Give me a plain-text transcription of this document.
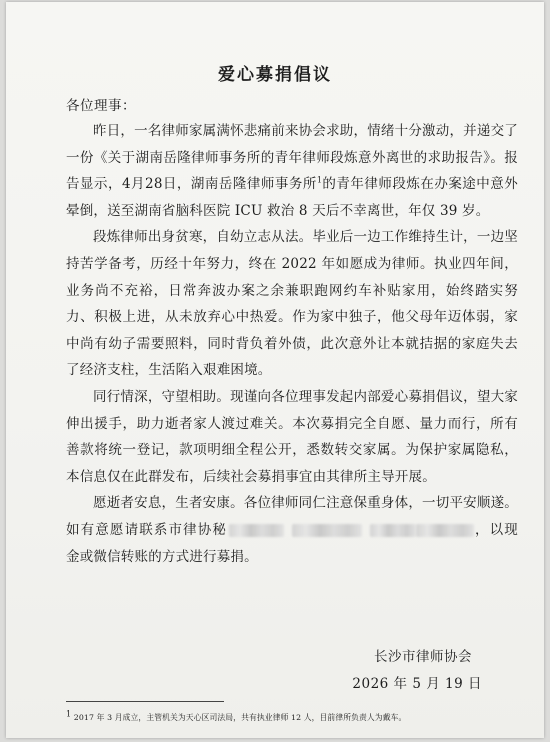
爱心募捐倡议
各位理事：

昨日，一名律师家属满怀悲痛前来协会求助，情绪十分激动，并递交了一份《关于湖南岳隆律师事务所的青年律师段炼意外离世的求助报告》。报告显示，4月28日，湖南岳隆律师事务所$^1$的青年律师段炼在办案途中意外晕倒，送至湖南省脑科医院 ICU 救治 8 天后不幸离世，年仅 39 岁。

段炼律师出身贫寒，自幼立志从法。毕业后一边工作维持生计，一边坚持苦学备考，历经十年努力，终在 2022 年如愿成为律师。执业四年间，业务尚不充裕，日常奔波办案之余兼职跑网约车补贴家用，始终踏实努力、积极上进，从未放弃心中热爱。作为家中独子，他父母年迈体弱，家中尚有幼子需要照料，同时背负着外债，此次意外让本就拮据的家庭失去了经济支柱，生活陷入艰难困境。

同行情深，守望相助。现谨向各位理事发起内部爱心募捐倡议，望大家伸出援手，助力逝者家人渡过难关。本次募捐完全自愿、量力而行，所有善款将统一登记，款项明细全程公开，悉数转交家属。为保护家属隐私，本信息仅在此群发布，后续社会募捐事宜由其律所主导开展。

愿逝者安息，生者安康。各位律师同仁注意保重身体，一切平安顺遂。如有意愿请联系市律协秘	，以现金或微信转账的方式进行募捐。

长沙市律师协会
2026 年 5 月 19 日
$^1$ 2017 年 3 月成立，主管机关为天心区司法局，共有执业律师 12 人，目前律所负责人为戴车。
